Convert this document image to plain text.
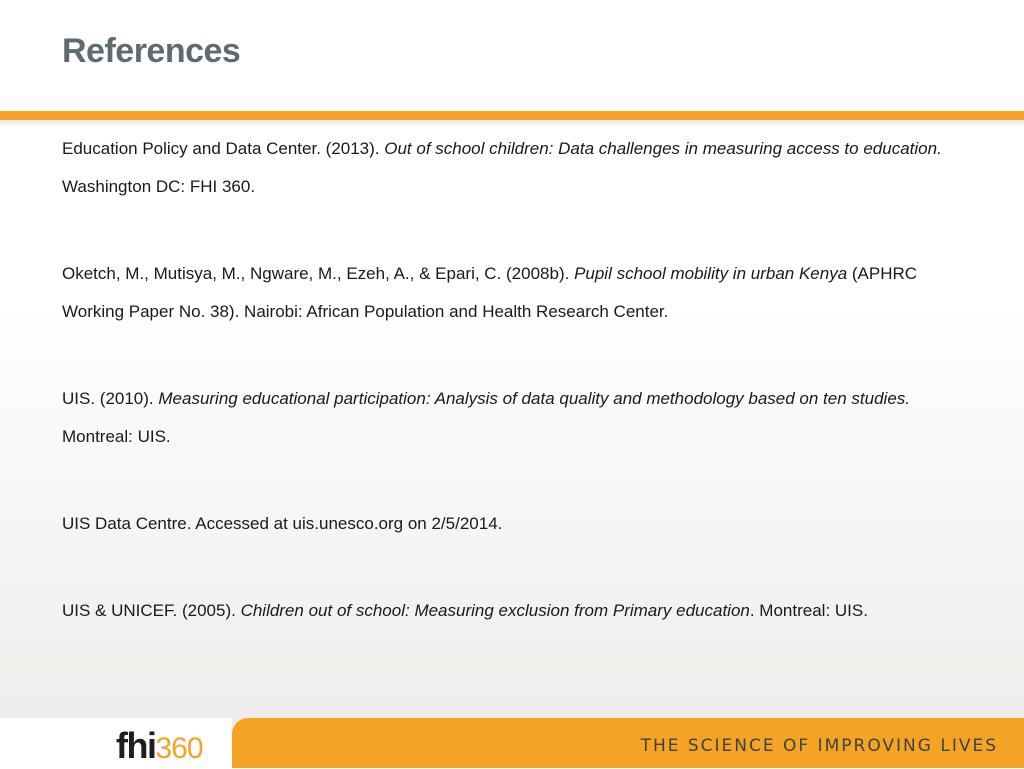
References
Education Policy and Data Center. (2013). Out of school children: Data challenges in measuring access to education. Washington DC: FHI 360.
Oketch, M., Mutisya, M., Ngware, M., Ezeh, A., & Epari, C. (2008b). Pupil school mobility in urban Kenya (APHRC Working Paper No. 38). Nairobi: African Population and Health Research Center.
UIS. (2010). Measuring educational participation: Analysis of data quality and methodology based on ten studies. Montreal: UIS.
UIS Data Centre. Accessed at uis.unesco.org on 2/5/2014.
UIS & UNICEF. (2005). Children out of school: Measuring exclusion from Primary education. Montreal: UIS.
fhi360	THE SCIENCE OF IMPROVING LIVES
